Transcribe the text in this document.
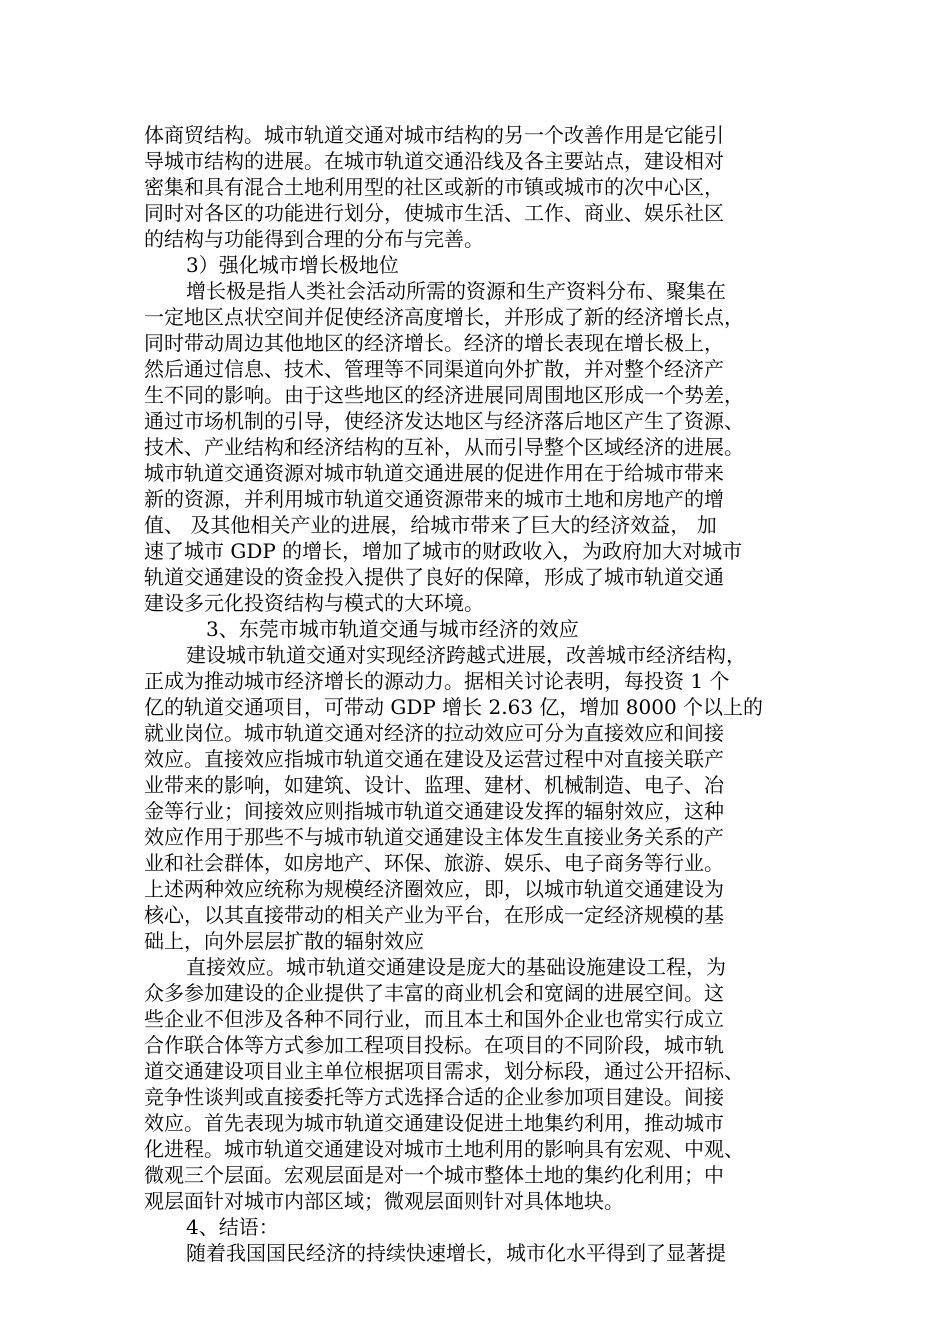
体商贸结构。城市轨道交通对城市结构的另一个改善作用是它能引
导城市结构的进展。在城市轨道交通沿线及各主要站点，建设相对
密集和具有混合土地利用型的社区或新的市镇或城市的次中心区，
同时对各区的功能进行划分，使城市生活、工作、商业、娱乐社区
的结构与功能得到合理的分布与完善。
3）强化城市增长极地位
增长极是指人类社会活动所需的资源和生产资料分布、聚集在
一定地区点状空间并促使经济高度增长，并形成了新的经济增长点，
同时带动周边其他地区的经济增长。经济的增长表现在增长极上，
然后通过信息、技术、管理等不同渠道向外扩散，并对整个经济产
生不同的影响。由于这些地区的经济进展同周围地区形成一个势差，
通过市场机制的引导，使经济发达地区与经济落后地区产生了资源、
技术、产业结构和经济结构的互补，从而引导整个区域经济的进展。
城市轨道交通资源对城市轨道交通进展的促进作用在于给城市带来
新的资源，并利用城市轨道交通资源带来的城市土地和房地产的增
值、 及其他相关产业的进展，给城市带来了巨大的经济效益， 加
速了城市 GDP 的增长，增加了城市的财政收入，为政府加大对城市
轨道交通建设的资金投入提供了良好的保障，形成了城市轨道交通
建设多元化投资结构与模式的大环境。
3、东莞市城市轨道交通与城市经济的效应
建设城市轨道交通对实现经济跨越式进展，改善城市经济结构，
正成为推动城市经济增长的源动力。据相关讨论表明，每投资 1 个
亿的轨道交通项目，可带动 GDP 增长 2.63 亿，增加 8000 个以上的
就业岗位。城市轨道交通对经济的拉动效应可分为直接效应和间接
效应。直接效应指城市轨道交通在建设及运营过程中对直接关联产
业带来的影响，如建筑、设计、监理、建材、机械制造、电子、冶
金等行业；间接效应则指城市轨道交通建设发挥的辐射效应，这种
效应作用于那些不与城市轨道交通建设主体发生直接业务关系的产
业和社会群体，如房地产、环保、旅游、娱乐、电子商务等行业。
上述两种效应统称为规模经济圈效应，即，以城市轨道交通建设为
核心，以其直接带动的相关产业为平台，在形成一定经济规模的基
础上，向外层层扩散的辐射效应
直接效应。城市轨道交通建设是庞大的基础设施建设工程，为
众多参加建设的企业提供了丰富的商业机会和宽阔的进展空间。这
些企业不但涉及各种不同行业，而且本土和国外企业也常实行成立
合作联合体等方式参加工程项目投标。在项目的不同阶段，城市轨
道交通建设项目业主单位根据项目需求，划分标段，通过公开招标、
竞争性谈判或直接委托等方式选择合适的企业参加项目建设。间接
效应。首先表现为城市轨道交通建设促进土地集约利用，推动城市
化进程。城市轨道交通建设对城市土地利用的影响具有宏观、中观、
微观三个层面。宏观层面是对一个城市整体土地的集约化利用；中
观层面针对城市内部区域；微观层面则针对具体地块。
4、结语：
随着我国国民经济的持续快速增长，城市化水平得到了显著提
